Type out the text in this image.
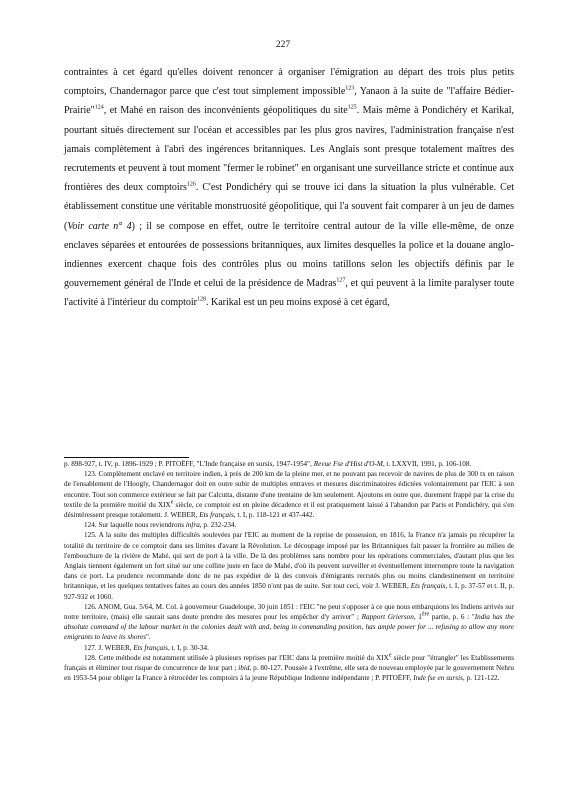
227

contraintes à cet égard qu'elles doivent renoncer à organiser l'émigration au départ des trois plus petits comptoirs, Chandernagor parce que c'est tout simplement impossible$^{123}$, Yanaon à la suite de "l'affaire Bédier-Prairie"$^{124}$, et Mahé en raison des inconvénients géopolitiques du site$^{125}$. Mais même à Pondichéry et Karikal, pourtant situés directement sur l'océan et accessibles par les plus gros navires, l'administration française n'est jamais complètement à l'abri des ingérences britanniques. Les Anglais sont presque totalement maîtres des recrutements et peuvent à tout moment "fermer le robinet" en organisant une surveillance stricte et continue aux frontières des deux comptoirs$^{126}$. C'est Pondichéry qui se trouve ici dans la situation la plus vulnérable. Cet établissement constitue une véritable monstruosité géopolitique, qui l'a souvent fait comparer à un jeu de dames (Voir carte n° 4) ; il se compose en effet, outre le territoire central autour de la ville elle-même, de onze enclaves séparées et entourées de possessions britanniques, aux limites desquelles la police et la douane anglo-indiennes exercent chaque fois des contrôles plus ou moins tatillons selon les objectifs définis par le gouvernement général de l'Inde et celui de la présidence de Madras$^{127}$, et qui peuvent à la limite paralyser toute l'activité à l'intérieur du comptoir$^{128}$. Karikal est un peu moins exposé à cet égard,

p. 898-927, t. IV, p. 1896-1929 ; P. PITOËFF, "L'Inde française en sursis, 1947-1954", Revue Fse d'Hist d'O-M, t. LXXVII, 1991, p. 106-108.

123. Complètement enclavé en territoire indien, à près de 200 km de la pleine mer, et ne pouvant pas recevoir de navires de plus de 300 tx en raison de l'ensablement de l'Hoogly, Chandernagor doit en outre subir de multiples entraves et mesures discriminatoires édictées volontairement par l'EIC à son encontre. Tout son commerce extérieur se fait par Calcutta, distante d'une trentaine de km seulement. Ajoutons en outre que, durement frappé par la crise du textile de la première moitié du XIXe siècle, ce comptoir est en pleine décadence et il est pratiquement laissé à l'abandon par Paris et Pondichéry, qui s'en désintéressent presque totalement. J. WEBER, Ets français, t. I, p. 118-121 et 437-442.

124. Sur laquelle nous reviendrons infra, p. 232-234.

125. A la suite des multiples difficultés soulevées par l'EIC au moment de la reprise de possession, en 1816, la France n'a jamais pu récupérer la totalité du territoire de ce comptoir dans ses limites d'avant la Révolution. Le découpage imposé par les Britanniques fait passer la frontière au milieu de l'embouchure de la rivière de Mahé, qui sert de port à la ville. De là des problèmes sans nombre pour les opérations commerciales, d'autant plus que les Anglais tiennent également un fort situé sur une colline juste en face de Mahé, d'où ils peuvent surveiller et éventuellement interrompre toute la navigation dans ce port. La prudence recommande donc de ne pas expédier de là des convois d'émigrants recrutés plus ou moins clandestinement en territoire britannique, et les quelques tentatives faites au cours des années 1850 n'ont pas de suite. Sur tout ceci, voir J. WEBER, Ets français, t. I, p. 37-57 et t. II, p. 927-932 et 1060.

126. ANOM, Gua. 5/64, M. Col. à gouverneur Guadeloupe, 30 juin 1851 : l'EIC "ne peut s'opposer à ce que nous embarquions les Indiens arrivés sur notre territoire, (mais) elle saurait sans doute prendre des mesures pour les empêcher d'y arriver" ; Rapport Grierson, 1ère partie, p. 6 : "India has the absolute command of the labour market in the colonies dealt with and, being in commanding position, has ample power for ... refusing to allow any more emigrants to leave its shores".

127. J. WEBER, Ets français, t. I, p. 30-34.

128. Cette méthode est notamment utilisée à plusieurs reprises par l'EIC dans la première moitié du XIXe siècle pour "étrangler" les Etablissements français et éliminer tout risque de concurrence de leur part ; ibid, p. 80-127. Poussée à l'extrême, elle sera de nouveau employée par le gouvernement Nehru en 1953-54 pour obliger la France à rétrocéder les comptoirs à la jeune République Indienne indépendante ; P. PITOËFF, Inde fse en sursis, p. 121-122.
